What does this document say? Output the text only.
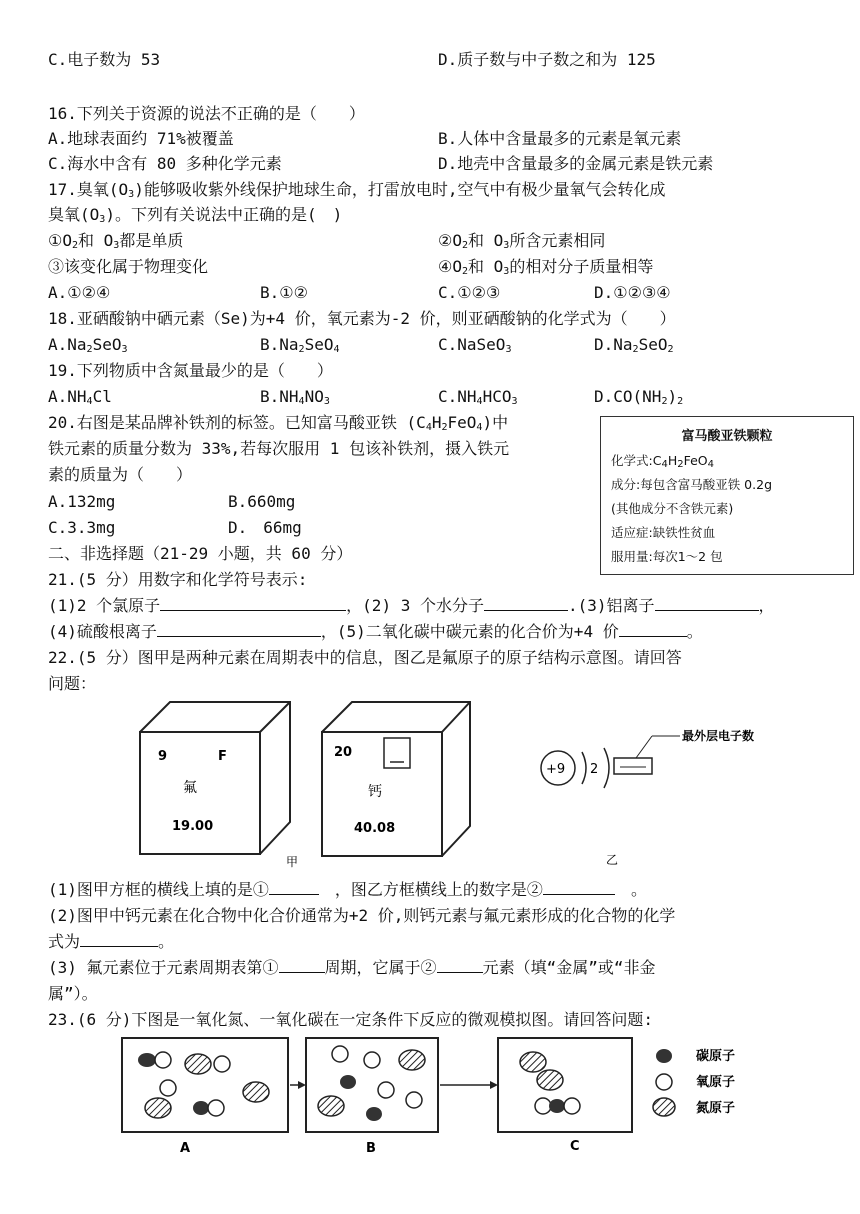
C.电子数为 53	D.质子数与中子数之和为 125
16.下列关于资源的说法不正确的是（　　）
A.地球表面约 71%被覆盖	B.人体中含量最多的元素是氧元素
C.海水中含有 80 多种化学元素	D.地壳中含量最多的金属元素是铁元素
17.臭氧$(O_3)$能够吸收紫外线保护地球生命，打雷放电时,空气中有极少量氧气会转化成
臭氧$(O_3)$。下列有关说法中正确的是(　)
$①O_2$和 $O_3$都是单质	$②O_2$和 $O_3$所含元素相同
③该变化属于物理变化	$④O_2$和 $O_3$的相对分子质量相等
A.①②④	B.①②	C.①②③	D.①②③④
18.亚硒酸钠中硒元素（Se)为+4 价，氧元素为-2 价，则亚硒酸钠的化学式为（　　）
$A.Na_2SeO_3$	$B.Na_2SeO_4$	C.NaSeO$_3$	$D.Na_2SeO_2$
19.下列物质中含氮量最少的是（　　）
$A.NH_4Cl$	$B.NH_4NO_3$	$C.NH_4HCO_3$	$D.CO(NH_2)_2$
20.右图是某品牌补铁剂的标签。已知富马酸亚铁 $(C_4H_2FeO_4)$中
铁元素的质量分数为 33%,若每次服用 1 包该补铁剂，摄入铁元
素的质量为（　　）
A.132mg	B.660mg
C.3.3mg	D.　66mg
富马酸亚铁颗粒
化学式$:C_4H_2FeO_4$
成分:每包含富马酸亚铁 0.2g
(其他成分不含铁元素)
适应症:缺铁性贫血
服用量:每次1～2 包
二、非选择题（21-29 小题，共 60 分）
21.(5 分）用数字和化学符号表示:
(1)2 个氯原子	，(2) 3 个水分子	.(3)铝离子	，
(4)硫酸根离子	，(5)二氧化碳中碳元素的化合价为+4 价	。
22.(5 分）图甲是两种元素在周期表中的信息，图乙是氟原子的原子结构示意图。请回答
问题：
9	F
氟
19.00
20
钙
40.08
+9 2
最外层电子数
甲	乙
(1)图甲方框的横线上填的是①　	，图乙方框横线上的数字是②　	。
(2)图甲中钙元素在化合物中化合价通常为+2 价,则钙元素与氟元素形成的化合物的化学
式为	。
(3) 氟元素位于元素周期表第①	周期，它属于②	元素（填“金属”或“非金
属”）。
23.(6 分)下图是一氧化氮、一氧化碳在一定条件下反应的微观模拟图。请回答问题:
碳原子
氧原子
氮原子
A	B	C
